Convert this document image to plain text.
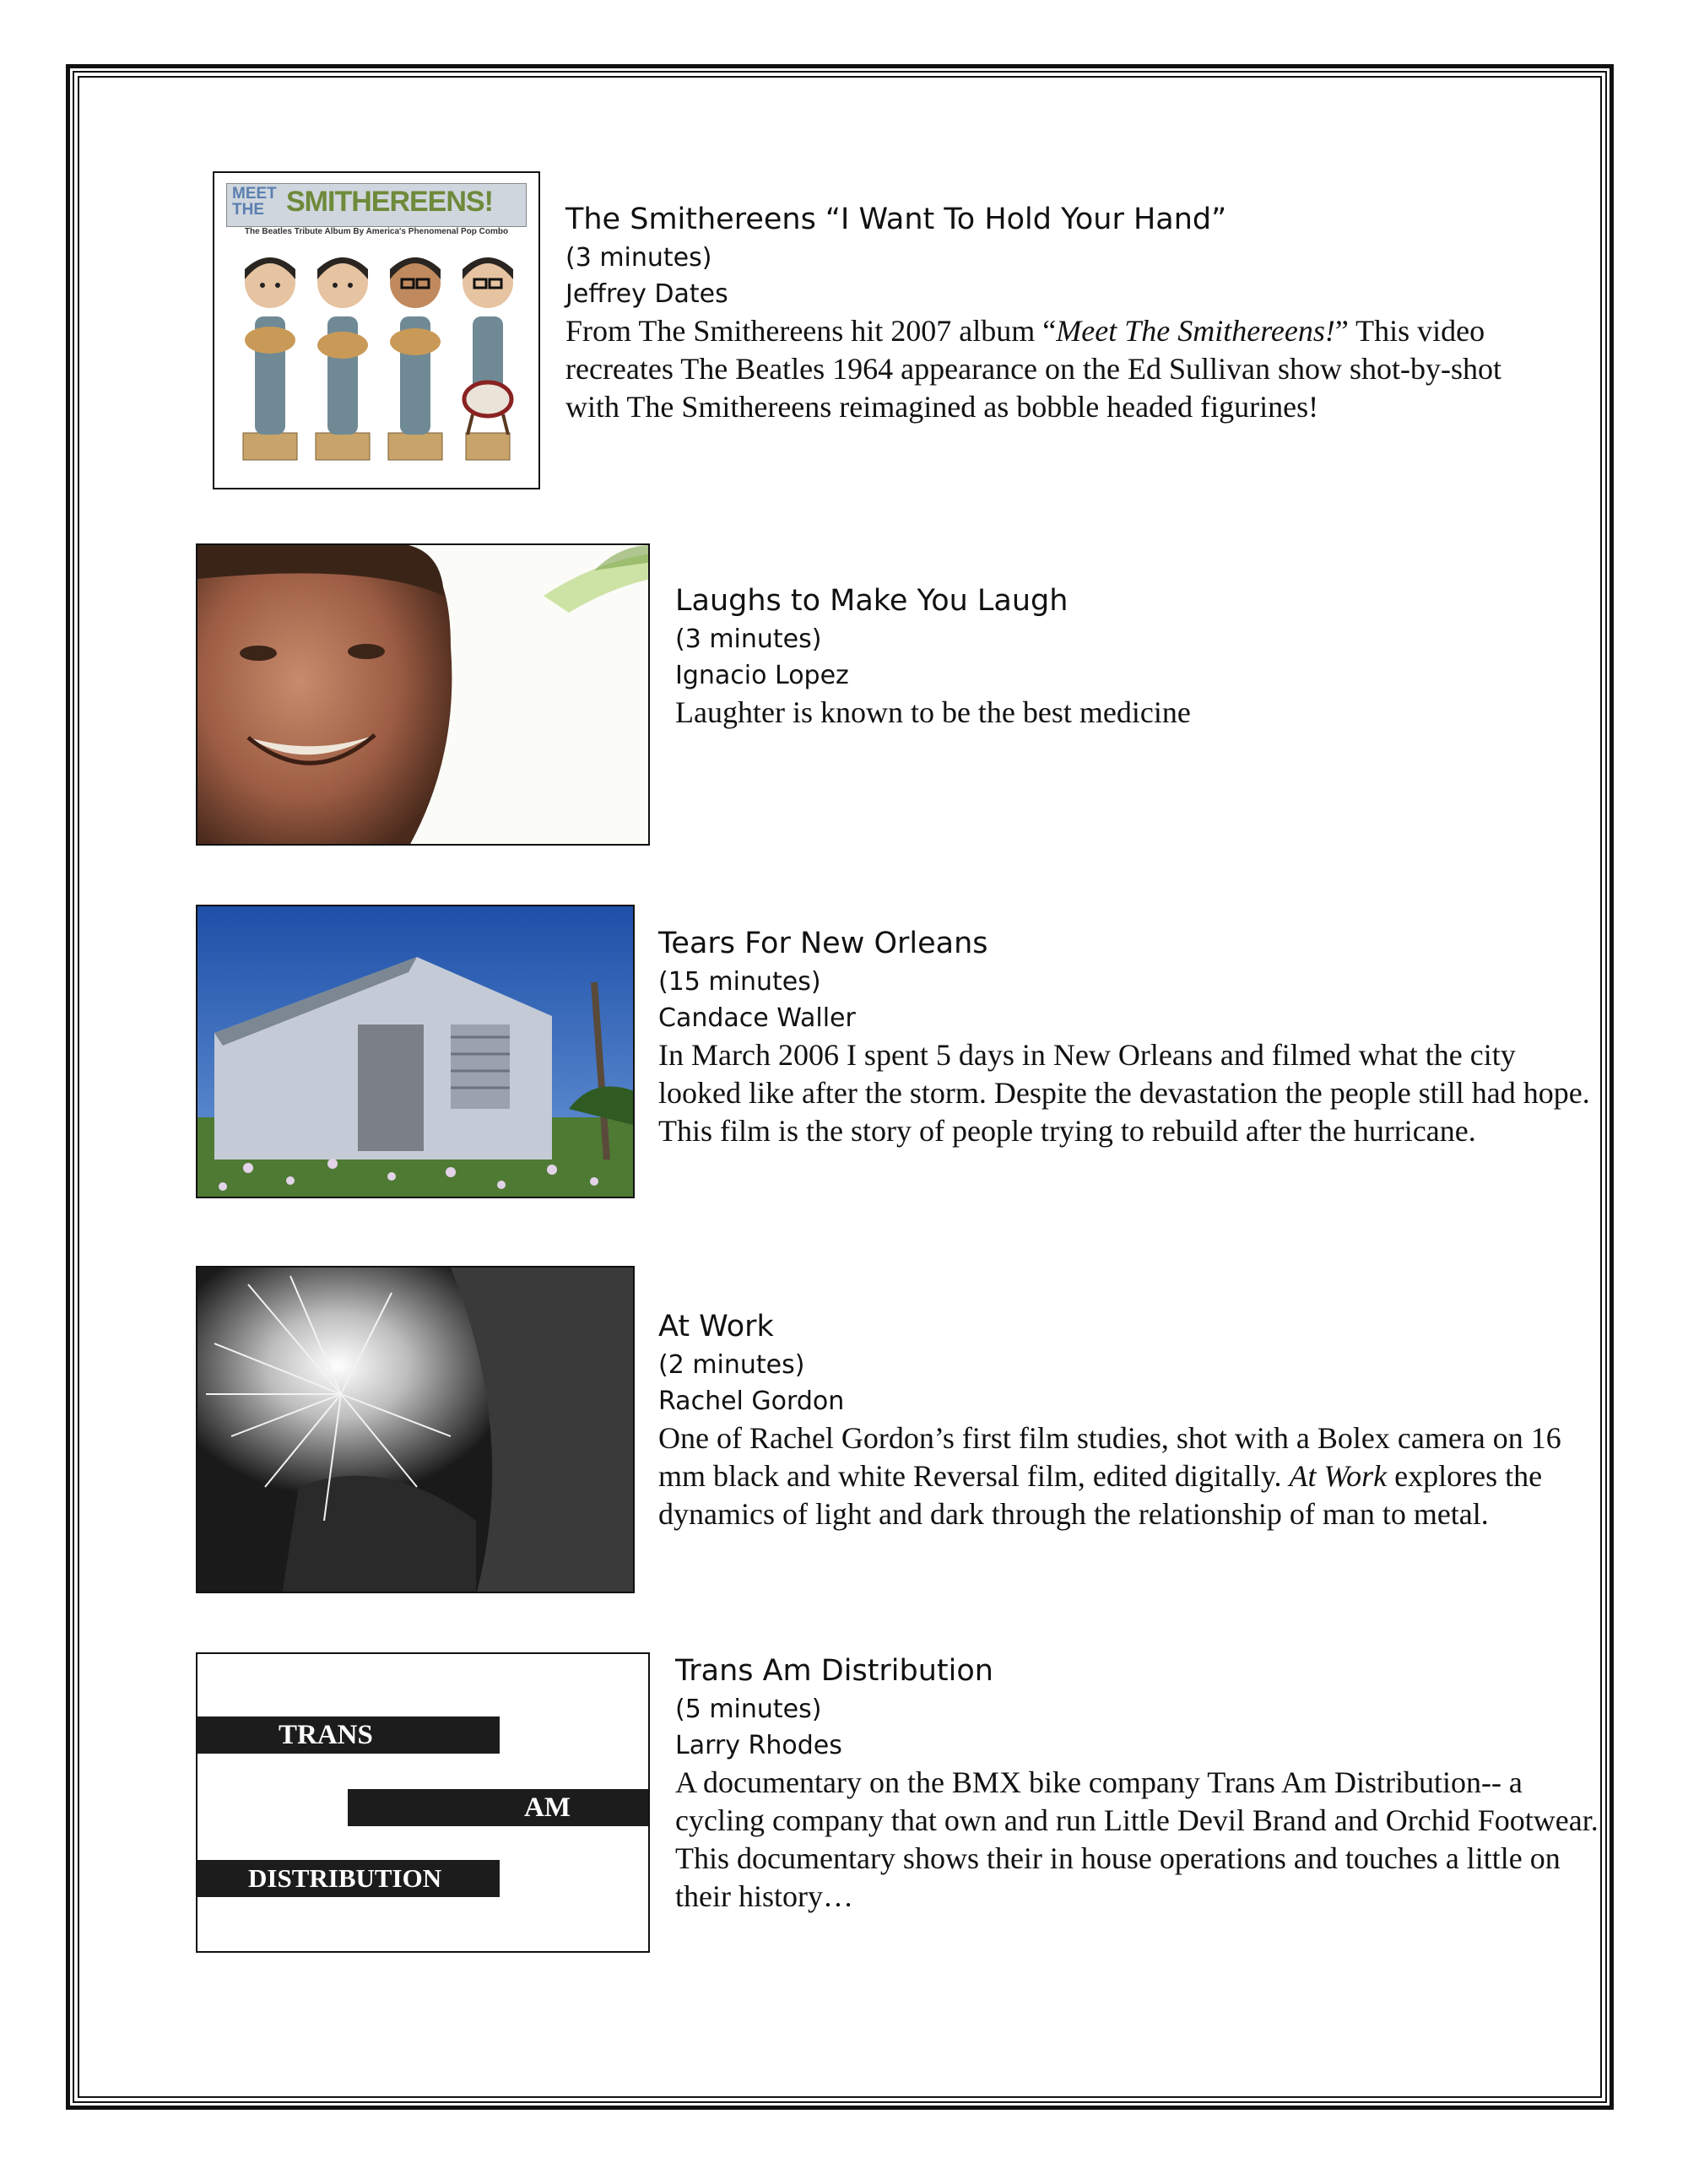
MEET THE SMITHEREENS!
The Beatles Tribute Album By America's Phenomenal Pop Combo	The Smithereens “I Want To Hold Your Hand”
(3 minutes)
Jeffrey Dates

From The Smithereens hit 2007 album “Meet The Smithereens!” This video recreates The Beatles 1964 appearance on the Ed Sullivan show shot-by-shot with The Smithereens reimagined as bobble headed figurines!

Laughs to Make You Laugh
(3 minutes)
Ignacio Lopez

Laughter is known to be the best medicine

Tears For New Orleans
(15 minutes)
Candace Waller

In March 2006 I spent 5 days in New Orleans and filmed what the city looked like after the storm. Despite the devastation the people still had hope. This film is the story of people trying to rebuild after the hurricane.

At Work
(2 minutes)
Rachel Gordon

One of Rachel Gordon’s first film studies, shot with a Bolex camera on 16 mm black and white Reversal film, edited digitally. At Work explores the dynamics of light and dark through the relationship of man to metal.

TRANS
AM
DISTRIBUTION
Trans Am Distribution
(5 minutes)
Larry Rhodes

A documentary on the BMX bike company Trans Am Distribution-- a cycling company that own and run Little Devil Brand and Orchid Footwear. This documentary shows their in house operations and touches a little on their history…
